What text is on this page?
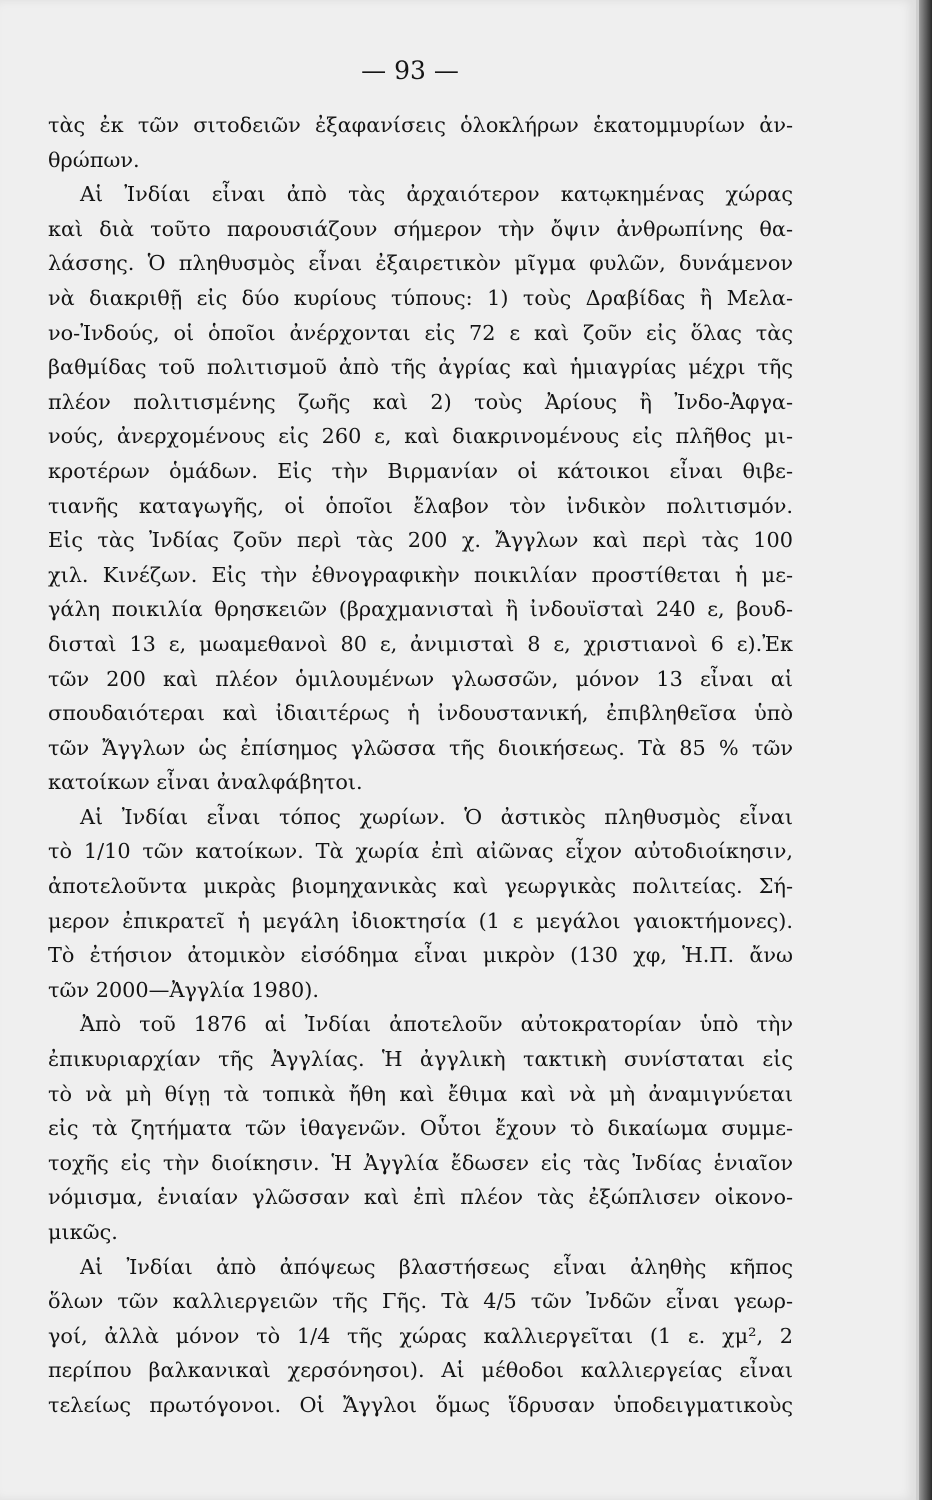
— 93 —
τὰς ἐκ τῶν σιτοδειῶν ἐξαφανίσεις ὁλοκλήρων ἑκατομμυρίων ἀν-
θρώπων.
Αἱ Ἰνδίαι εἶναι ἀπὸ τὰς ἀρχαιότερον κατῳκημένας χώρας
καὶ διὰ τοῦτο παρουσιάζουν σήμερον τὴν ὄψιν ἀνθρωπίνης θα-
λάσσης. Ὁ πληθυσμὸς εἶναι ἐξαιρετικὸν μῖγμα φυλῶν, δυνάμενον
νὰ διακριθῇ εἰς δύο κυρίους τύπους: 1) τοὺς Δραβίδας ἢ Μελα-
νο-Ἰνδούς, οἱ ὁποῖοι ἀνέρχονται εἰς 72 ε καὶ ζοῦν εἰς ὅλας τὰς
βαθμίδας τοῦ πολιτισμοῦ ἀπὸ τῆς ἀγρίας καὶ ἡμιαγρίας μέχρι τῆς
πλέον πολιτισμένης ζωῆς καὶ 2) τοὺς Ἀρίους ἢ Ἰνδο-Ἀφγα-
νούς, ἀνερχομένους εἰς 260 ε, καὶ διακρινομένους εἰς πλῆθος μι-
κροτέρων ὁμάδων. Εἰς τὴν Βιρμανίαν οἱ κάτοικοι εἶναι θιβε-
τιανῆς καταγωγῆς, οἱ ὁποῖοι ἔλαβον τὸν ἰνδικὸν πολιτισμόν.
Εἰς τὰς Ἰνδίας ζοῦν περὶ τὰς 200 χ. Ἄγγλων καὶ περὶ τὰς 100
χιλ. Κινέζων. Εἰς τὴν ἐθνογραφικὴν ποικιλίαν προστίθεται ἡ με-
γάλη ποικιλία θρησκειῶν (βραχμανισταὶ ἢ ἰνδουϊσταὶ 240 ε, βουδ-
δισταὶ 13 ε, μωαμεθανοὶ 80 ε, ἀνιμισταὶ 8 ε, χριστιανοὶ 6 ε).Ἐκ
τῶν 200 καὶ πλέον ὁμιλουμένων γλωσσῶν, μόνον 13 εἶναι αἱ
σπουδαιότεραι καὶ ἰδιαιτέρως ἡ ἰνδουστανική, ἐπιβληθεῖσα ὑπὸ
τῶν Ἄγγλων ὡς ἐπίσημος γλῶσσα τῆς διοικήσεως. Τὰ 85 % τῶν
κατοίκων εἶναι ἀναλφάβητοι.
Αἱ Ἰνδίαι εἶναι τόπος χωρίων. Ὁ ἀστικὸς πληθυσμὸς εἶναι
τὸ 1/10 τῶν κατοίκων. Τὰ χωρία ἐπὶ αἰῶνας εἶχον αὐτοδιοίκησιν,
ἀποτελοῦντα μικρὰς βιομηχανικὰς καὶ γεωργικὰς πολιτείας. Σή-
μερον ἐπικρατεῖ ἡ μεγάλη ἰδιοκτησία (1 ε μεγάλοι γαιοκτήμονες).
Τὸ ἐτήσιον ἀτομικὸν εἰσόδημα εἶναι μικρὸν (130 χφ, Ἡ.Π. ἄνω
τῶν 2000—Ἀγγλία 1980).
Ἀπὸ τοῦ 1876 αἱ Ἰνδίαι ἀποτελοῦν αὐτοκρατορίαν ὑπὸ τὴν
ἐπικυριαρχίαν τῆς Ἀγγλίας. Ἡ ἀγγλικὴ τακτικὴ συνίσταται εἰς
τὸ νὰ μὴ θίγῃ τὰ τοπικὰ ἤθη καὶ ἔθιμα καὶ νὰ μὴ ἀναμιγνύεται
εἰς τὰ ζητήματα τῶν ἰθαγενῶν. Οὗτοι ἔχουν τὸ δικαίωμα συμμε-
τοχῆς εἰς τὴν διοίκησιν. Ἡ Ἀγγλία ἔδωσεν εἰς τὰς Ἰνδίας ἑνιαῖον
νόμισμα, ἑνιαίαν γλῶσσαν καὶ ἐπὶ πλέον τὰς ἐξώπλισεν οἰκονο-
μικῶς.
Αἱ Ἰνδίαι ἀπὸ ἀπόψεως βλαστήσεως εἶναι ἀληθὴς κῆπος
ὅλων τῶν καλλιεργειῶν τῆς Γῆς. Τὰ 4/5 τῶν Ἰνδῶν εἶναι γεωρ-
γοί, ἀλλὰ μόνον τὸ 1/4 τῆς χώρας καλλιεργεῖται (1 ε. χμ², 2
περίπου βαλκανικαὶ χερσόνησοι). Αἱ μέθοδοι καλλιεργείας εἶναι
τελείως πρωτόγονοι. Οἱ Ἄγγλοι ὅμως ἵδρυσαν ὑποδειγματικοὺς
